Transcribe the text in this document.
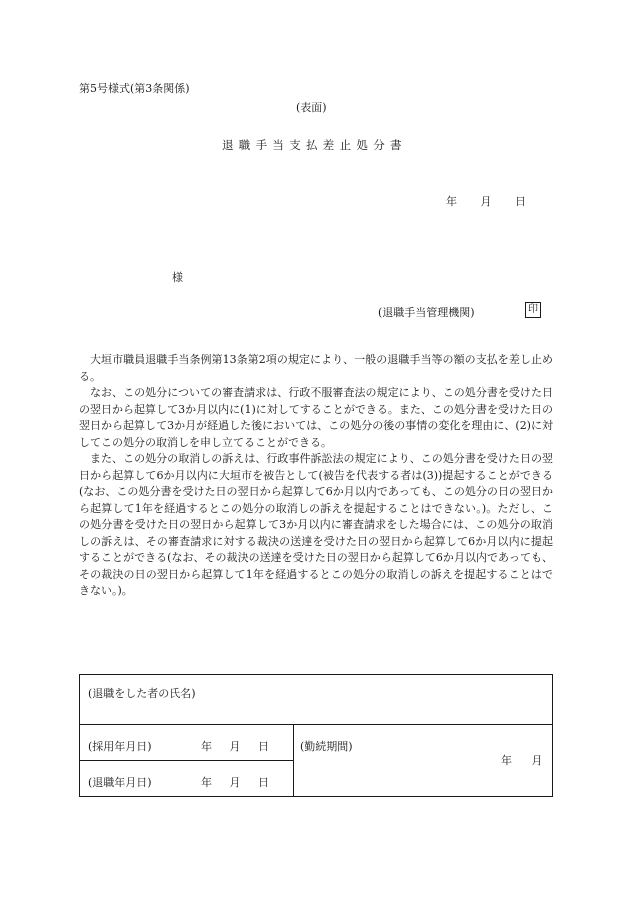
第5号様式(第3条関係)
(表面)
退職手当支払差止処分書
年 月 日
様
(退職手当管理機関)	印

大垣市職員退職手当条例第13条第2項の規定により、一般の退職手当等の額の支払を差し止める。

なお、この処分についての審査請求は、行政不服審査法の規定により、この処分書を受けた日の翌日から起算して3か月以内に(1)に対してすることができる。また、この処分書を受けた日の翌日から起算して3か月が経過した後においては、この処分の後の事情の変化を理由に、(2)に対してこの処分の取消しを申し立てることができる。

また、この処分の取消しの訴えは、行政事件訴訟法の規定により、この処分書を受けた日の翌日から起算して6か月以内に大垣市を被告として(被告を代表する者は(3))提起することができる(なお、この処分書を受けた日の翌日から起算して6か月以内であっても、この処分の日の翌日から起算して1年を経過するとこの処分の取消しの訴えを提起することはできない。)。ただし、この処分書を受けた日の翌日から起算して3か月以内に審査請求をした場合には、この処分の取消しの訴えは、その審査請求に対する裁決の送達を受けた日の翌日から起算して6か月以内に提起することができる(なお、その裁決の送達を受けた日の翌日から起算して6か月以内であっても、その裁決の日の翌日から起算して1年を経過するとこの処分の取消しの訴えを提起することはできない。)。

(退職をした者の氏名)
(採用年月日)	年 月 日
(退職年月日)	年 月 日
(勤続期間)
年 月
